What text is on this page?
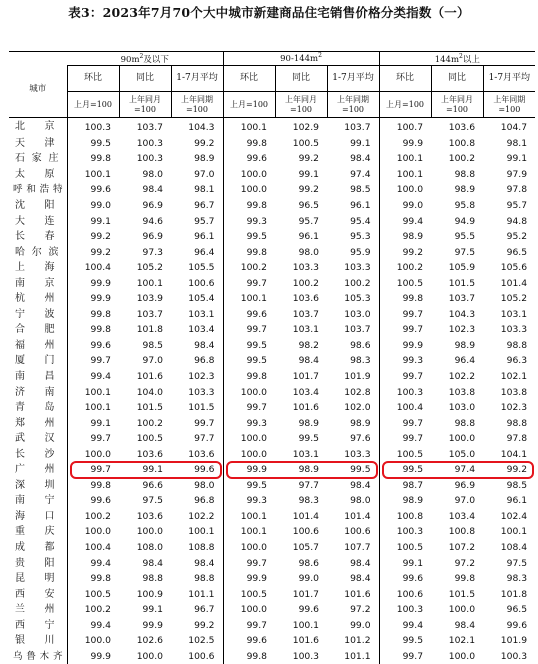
表3：2023年7月70个大中城市新建商品住宅销售价格分类指数（一）
城市	$90m^2$及以下			$90-144m^2$			$144m^2$以上		
	环比	同比	1-7月平均	环比	同比	1-7月平均	环比	同比	1-7月平均
	上月=100	上年同月=100	上年同期=100	上月=100	上年同月=100	上年同期=100	上月=100	上年同月=100	上年同期=100
北京	100.3	103.7	104.3	100.1	102.9	103.7	100.7	103.6	104.7
天津	99.5	100.3	99.2	99.8	100.5	99.1	99.9	100.8	98.1
石家庄	99.8	100.3	98.9	99.6	99.2	98.4	100.1	100.2	99.1
太原	100.1	98.0	97.0	100.0	99.1	97.4	100.1	98.8	97.9
呼和浩特	99.6	98.4	98.1	100.0	99.2	98.5	100.0	98.9	97.8
沈阳	99.0	96.9	96.7	99.8	96.5	96.1	99.0	95.8	95.7
大连	99.1	94.6	95.7	99.3	95.7	95.4	99.4	94.9	94.8
长春	99.2	96.9	96.1	99.5	96.1	95.3	98.9	95.5	95.2
哈尔滨	99.2	97.3	96.4	99.8	98.0	95.9	99.2	97.5	96.5
上海	100.4	105.2	105.5	100.2	103.3	103.3	100.2	105.9	105.6
南京	99.9	100.1	100.6	99.7	100.2	100.2	100.5	101.5	101.4
杭州	99.9	103.9	105.4	100.1	103.6	105.3	99.8	103.7	105.2
宁波	99.8	103.7	103.1	99.6	103.7	103.0	99.7	104.3	103.1
合肥	99.8	101.8	103.4	99.7	103.1	103.7	99.7	102.3	103.3
福州	99.6	98.5	98.4	99.5	98.2	98.6	99.9	98.9	98.8
厦门	99.7	97.0	96.8	99.5	98.4	98.3	99.3	96.4	96.3
南昌	99.4	101.6	102.3	99.8	101.7	101.9	99.7	102.2	102.1
济南	100.1	104.0	103.3	100.0	103.4	102.8	100.3	103.8	103.8
青岛	100.1	101.5	101.5	99.7	101.6	102.0	100.4	103.0	102.3
郑州	99.1	100.2	99.7	99.3	98.9	98.9	99.7	98.8	98.8
武汉	99.7	100.5	97.7	100.0	99.5	97.6	99.7	100.0	97.8
长沙	100.0	103.6	103.6	100.0	103.1	103.3	100.5	105.0	104.1
广州	99.7	99.1	99.6	99.9	98.9	99.5	99.5	97.4	99.2
深圳	99.8	96.6	98.0	99.5	97.7	98.4	98.7	96.9	98.5
南宁	99.6	97.5	96.8	99.3	98.3	98.0	98.9	97.0	96.1
海口	100.2	103.6	102.2	100.1	101.4	101.4	100.8	103.4	102.4
重庆	100.0	100.0	100.1	100.1	100.6	100.6	100.3	100.8	100.1
成都	100.4	108.0	108.8	100.0	105.7	107.7	100.5	107.2	108.4
贵阳	99.4	98.4	98.4	99.7	98.6	98.4	99.1	97.2	97.5
昆明	99.8	98.8	98.8	99.9	99.0	98.4	99.6	99.8	98.3
西安	100.5	100.9	101.1	100.5	101.7	101.6	100.6	101.5	101.8
兰州	100.2	99.1	96.7	100.0	99.6	97.2	100.3	100.0	96.5
西宁	99.4	99.9	99.2	99.7	100.1	99.0	99.4	98.4	99.6
银川	100.0	102.6	102.5	99.6	101.6	101.2	99.5	102.1	101.9
乌鲁木齐	99.9	100.0	100.6	99.8	100.3	101.1	99.7	100.0	100.3
